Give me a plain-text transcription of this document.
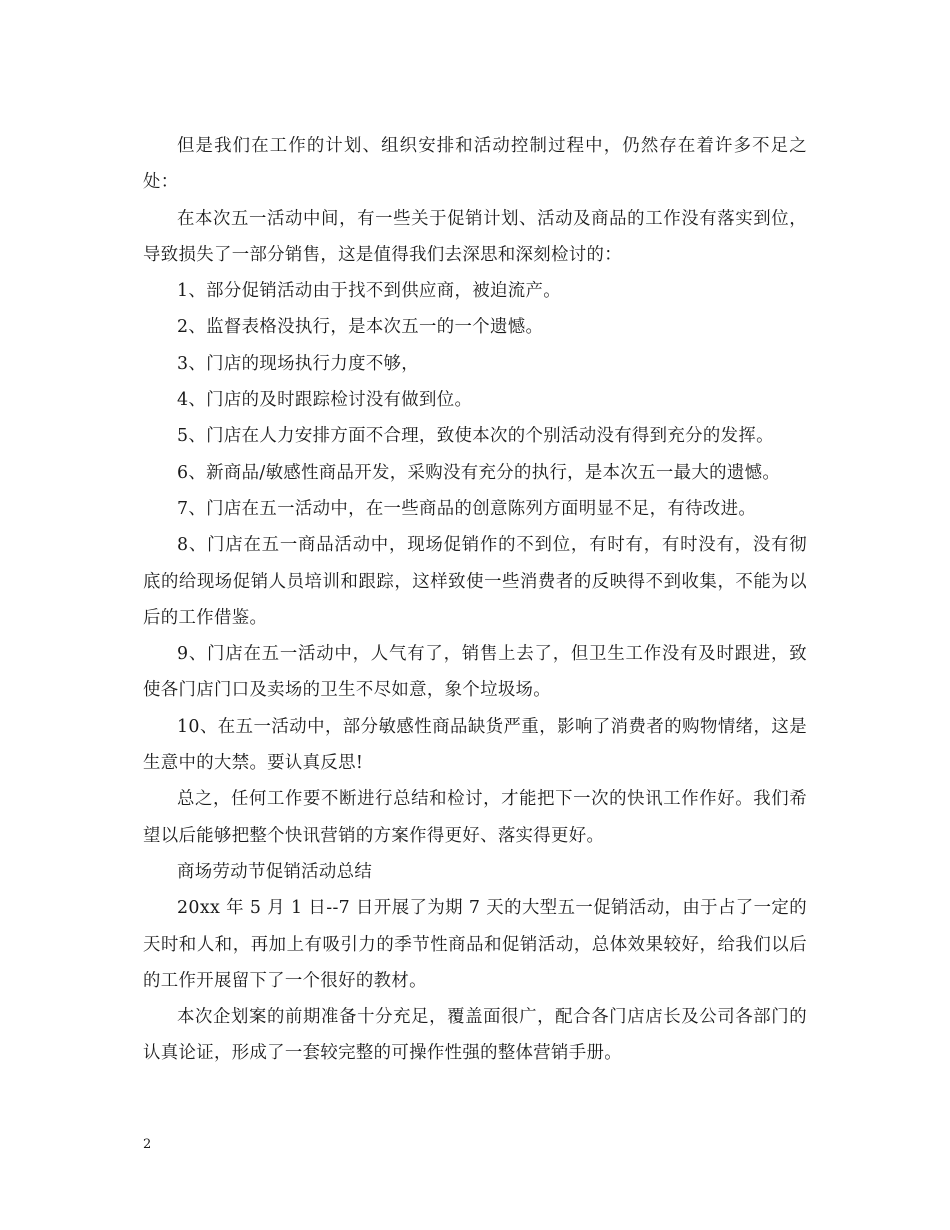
但是我们在工作的计划、组织安排和活动控制过程中，仍然存在着许多不足之处：

在本次五一活动中间，有一些关于促销计划、活动及商品的工作没有落实到位，导致损失了一部分销售，这是值得我们去深思和深刻检讨的：

1、部分促销活动由于找不到供应商，被迫流产。

2、监督表格没执行，是本次五一的一个遗憾。

3、门店的现场执行力度不够，

4、门店的及时跟踪检讨没有做到位。

5、门店在人力安排方面不合理，致使本次的个别活动没有得到充分的发挥。

6、新商品/敏感性商品开发，采购没有充分的执行，是本次五一最大的遗憾。

7、门店在五一活动中，在一些商品的创意陈列方面明显不足，有待改进。

8、门店在五一商品活动中，现场促销作的不到位，有时有，有时没有，没有彻底的给现场促销人员培训和跟踪，这样致使一些消费者的反映得不到收集，不能为以后的工作借鉴。

9、门店在五一活动中，人气有了，销售上去了，但卫生工作没有及时跟进，致使各门店门口及卖场的卫生不尽如意，象个垃圾场。

10、在五一活动中，部分敏感性商品缺货严重，影响了消费者的购物情绪，这是生意中的大禁。要认真反思!

总之，任何工作要不断进行总结和检讨，才能把下一次的快讯工作作好。我们希望以后能够把整个快讯营销的方案作得更好、落实得更好。

商场劳动节促销活动总结

20xx 年 5 月 1 日--7 日开展了为期 7 天的大型五一促销活动，由于占了一定的天时和人和，再加上有吸引力的季节性商品和促销活动，总体效果较好，给我们以后的工作开展留下了一个很好的教材。

本次企划案的前期准备十分充足，覆盖面很广，配合各门店店长及公司各部门的认真论证，形成了一套较完整的可操作性强的整体营销手册。

2
